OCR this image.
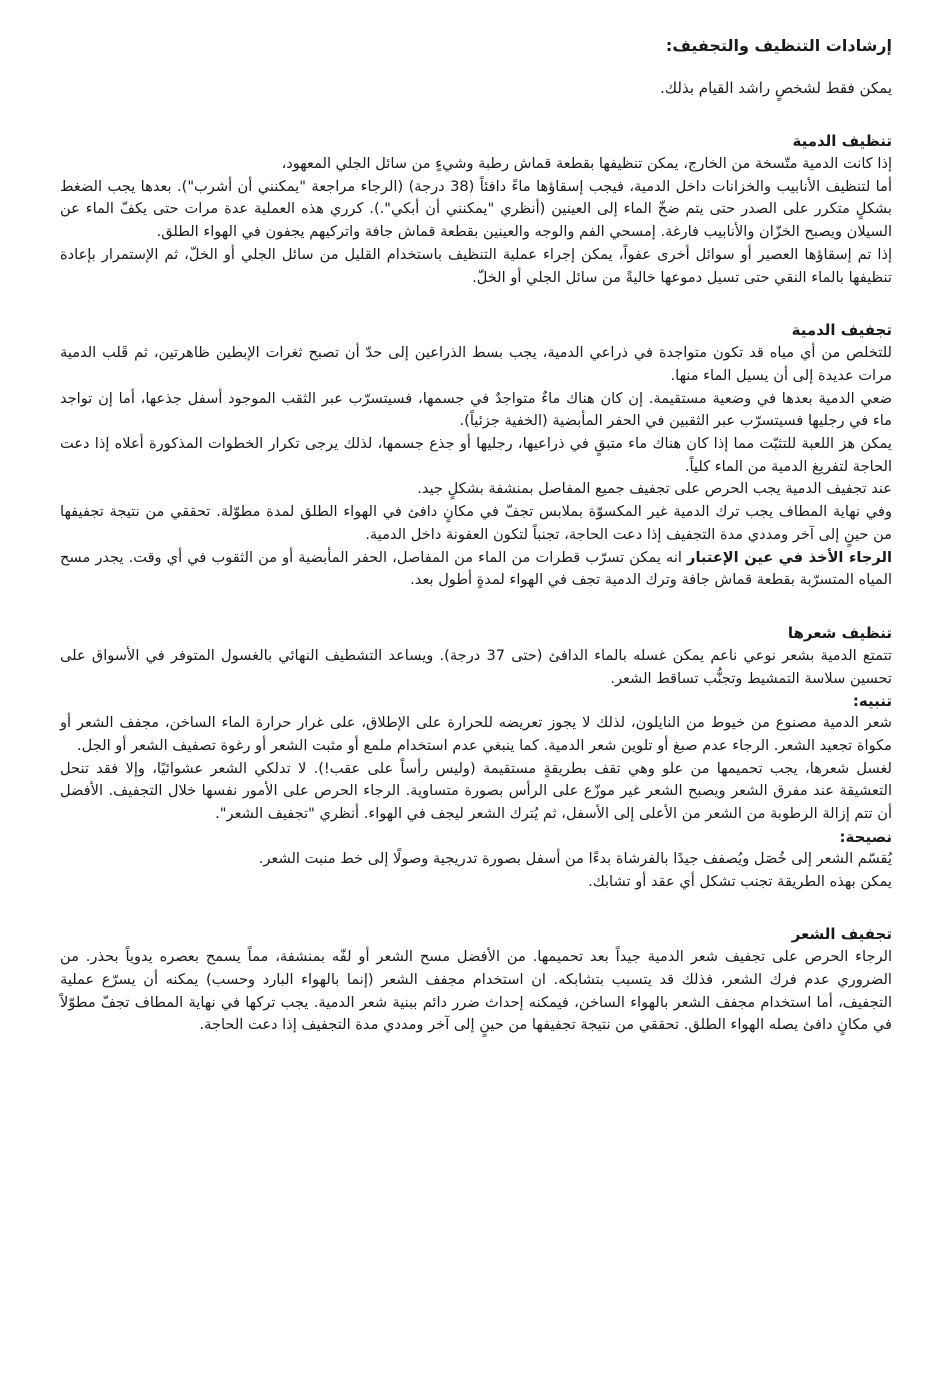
إرشادات التنظيف والتجفيف:

يمكن فقط لشخصٍ راشد القيام بذلك.

تنظيف الدمية

إذا كانت الدمية متّسخة من الخارج، يمكن تنظيفها بقطعة قماش رطبة وشيءٍ من سائل الجلي المعهود،

أما لتنظيف الأنابيب والخزانات داخل الدمية، فيجب إسقاؤها ماءً دافئاً (38 درجة) (الرجاء مراجعة "يمكنني أن أشرب"). بعدها يجب الضغط بشكلٍ متكرر على الصدر حتى يتم ضخّ الماء إلى العينين (أنظري "يمكنني أن أبكي".). كرري هذه العملية عدة مرات حتى يكفّ الماء عن السيلان ويصبح الخزّان والأنابيب فارغة. إمسحي الفم والوجه والعينين بقطعة قماش جافة واتركيهم يجفون في الهواء الطلق.

إذا تم إسقاؤها العصير أو سوائل أخرى عفواً، يمكن إجراء عملية التنظيف باستخدام القليل من سائل الجلي أو الخلّ، ثم الإستمرار بإعادة تنظيفها بالماء النقي حتى تسيل دموعها خاليةً من سائل الجلي أو الخلّ.

تجفيف الدمية

للتخلص من أي مياه قد تكون متواجدة في ذراعي الدمية، يجب بسط الذراعين إلى حدّ أن تصبح ثغرات الإبطين ظاهرتين، ثم قَلب الدمية مرات عديدة إلى أن يسيل الماء منها.

ضعي الدمية بعدها في وضعية مستقيمة. إن كان هناك ماءٌ متواجدٌ في جسمها، فسيتسرّب عبر الثقب الموجود أسفل جذعها، أما إن تواجد ماء في رجليها فسيتسرّب عبر الثقبين في الحفر المأبضية (الخفية جزئياً).

يمكن هز اللعبة للتثبّت مما إذا كان هناك ماء متبقٍ في ذراعيها، رجليها أو جذع جسمها، لذلك يرجى تكرار الخطوات المذكورة أعلاه إذا دعت الحاجة لتفريغ الدمية من الماء كلياً.

عند تجفيف الدمية يجب الحرص على تجفيف جميع المفاصل بمنشفة بشكلٍ جيد.

وفي نهاية المطاف يجب ترك الدمية غير المكسوّة بملابس تجفّ في مكانٍ دافئ في الهواء الطلق لمدة مطوّلة. تحققي من نتيجة تجفيفها من حينٍ إلى آخر ومددي مدة التجفيف إذا دعت الحاجة، تجنباً لتكون العفونة داخل الدمية.

الرجاء الأخذ في عين الإعتبار انه يمكن تسرّب قطرات من الماء من المفاصل، الحفر المأبضية أو من الثقوب في أي وقت. يجدر مسح المياه المتسرّبة بقطعة قماش جافة وترك الدمية تجف في الهواء لمدةٍ أطول بعد.

تنظيف شعرها

تتمتع الدمية بشعر نوعي ناعم يمكن غسله بالماء الدافئ (حتى 37 درجة). ويساعد التشطيف النهائي بالغسول المتوفر في الأسواق على تحسين سلاسة التمشيط وتجنُّب تساقط الشعر.

تنبيه:

شعر الدمية مصنوع من خيوط من النايلون، لذلك لا يجوز تعريضه للحرارة على الإطلاق، على غرار حرارة الماء الساخن، مجفف الشعر أو مكواة تجعيد الشعر. الرجاء عدم صبغ أو تلوين شعر الدمية. كما ينبغي عدم استخدام ملمع أو مثبت الشعر أو رغوة تصفيف الشعر أو الجل.

لغسل شعرها، يجب تحميمها من علو وهي تقف بطريقةٍ مستقيمة (وليس رأساً على عقب!). لا تدلكي الشعر عشوائيًا، وإلا فقد تنحل التعشيقة عند مفرق الشعر ويصبح الشعر غير موزّع على الرأس بصورة متساوية. الرجاء الحرص على الأمور نفسها خلال التجفيف. الأفضل أن تتم إزالة الرطوبة من الشعر من الأعلى إلى الأسفل، ثم يُترك الشعر ليجف في الهواء. أنظري "تجفيف الشعر".

نصيحة:

يُقسّم الشعر إلى خُصَل ويُصفف جيدًا بالفرشاة بدءًا من أسفل بصورة تدريجية وصولًا إلى خط منبت الشعر.

يمكن بهذه الطريقة تجنب تشكل أي عقد أو تشابك.

تجفيف الشعر

الرجاء الحرص على تجفيف شعر الدمية جيداً بعد تحميمها. من الأفضل مسح الشعر أو لفّه بمنشفة، مماً يسمح بعصره يدوياً بحذر. من الضروري عدم فرك الشعر، فذلك قد يتسبب بتشابكه. ان استخدام مجفف الشعر (إنما بالهواء البارد وحسب) يمكنه أن يسرّع عملية التجفيف، أما استخدام مجفف الشعر بالهواء الساخن، فيمكنه إحداث ضرر دائم ببنية شعر الدمية. يجب تركها في نهاية المطاف تجفّ مطوّلاً في مكانٍ دافئ يصله الهواء الطلق. تحققي من نتيجة تجفيفها من حينٍ إلى آخر ومددي مدة التجفيف إذا دعت الحاجة.
